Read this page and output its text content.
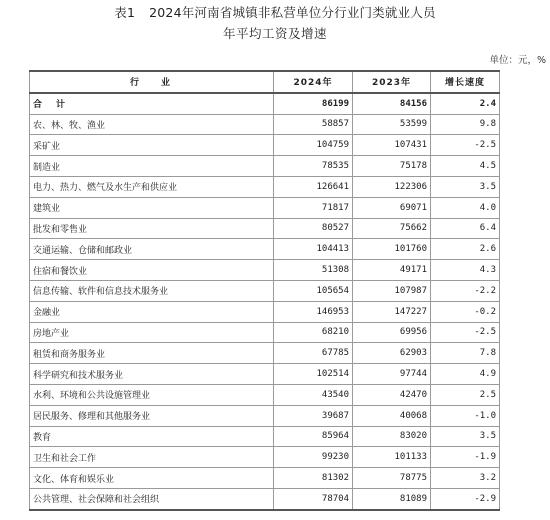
表1 2024年河南省城镇非私营单位分行业门类就业人员
年平均工资及增速
单位：元，%
行业	2024年	2023年	增长速度
合计	86199	84156	2.4
农、林、牧、渔业	58857	53599	9.8
采矿业	104759	107431	-2.5
制造业	78535	75178	4.5
电力、热力、燃气及水生产和供应业	126641	122306	3.5
建筑业	71817	69071	4.0
批发和零售业	80527	75662	6.4
交通运输、仓储和邮政业	104413	101760	2.6
住宿和餐饮业	51308	49171	4.3
信息传输、软件和信息技术服务业	105654	107987	-2.2
金融业	146953	147227	-0.2
房地产业	68210	69956	-2.5
租赁和商务服务业	67785	62903	7.8
科学研究和技术服务业	102514	97744	4.9
水利、环境和公共设施管理业	43540	42470	2.5
居民服务、修理和其他服务业	39687	40068	-1.0
教育	85964	83020	3.5
卫生和社会工作	99230	101133	-1.9
文化、体育和娱乐业	81302	78775	3.2
公共管理、社会保障和社会组织	78704	81089	-2.9
